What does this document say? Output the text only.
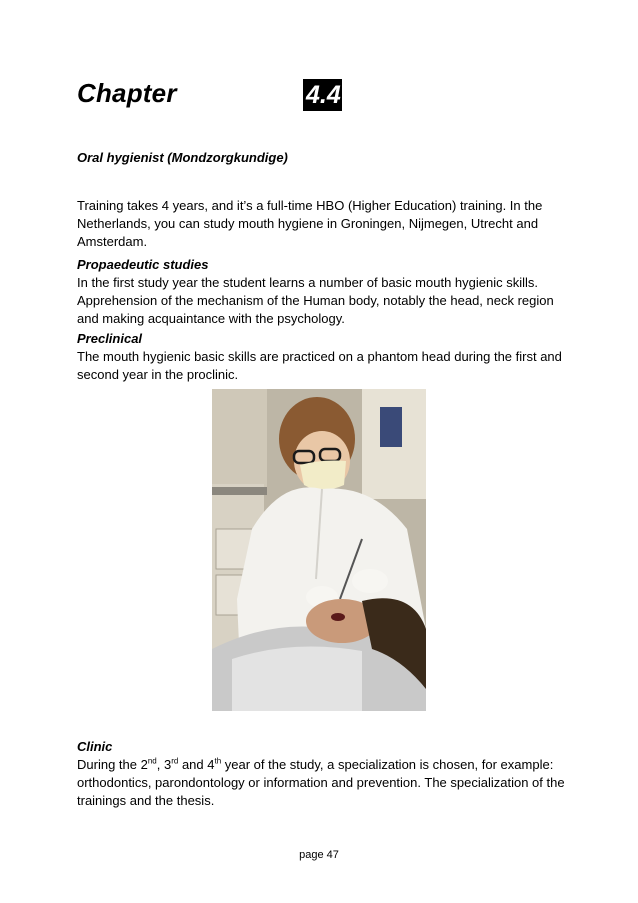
Chapter	4.4
Oral hygienist (Mondzorgkundige)
Training takes 4 years, and it’s a full-time HBO (Higher Education) training. In the Netherlands, you can study mouth hygiene in Groningen, Nijmegen, Utrecht and Amsterdam.
Propaedeutic studies
In the first study year the student learns a number of basic mouth hygienic skills. Apprehension of the mechanism of the Human body, notably the head, neck region and making acquaintance with the psychology.
Preclinical
The mouth hygienic basic skills are practiced on a phantom head during the first and second year in the proclinic.
Clinic
During the 2nd, 3rd and 4th year of the study, a specialization is chosen, for example: orthodontics, parondontology or information and prevention. The specialization of the trainings and the thesis.
page 47
